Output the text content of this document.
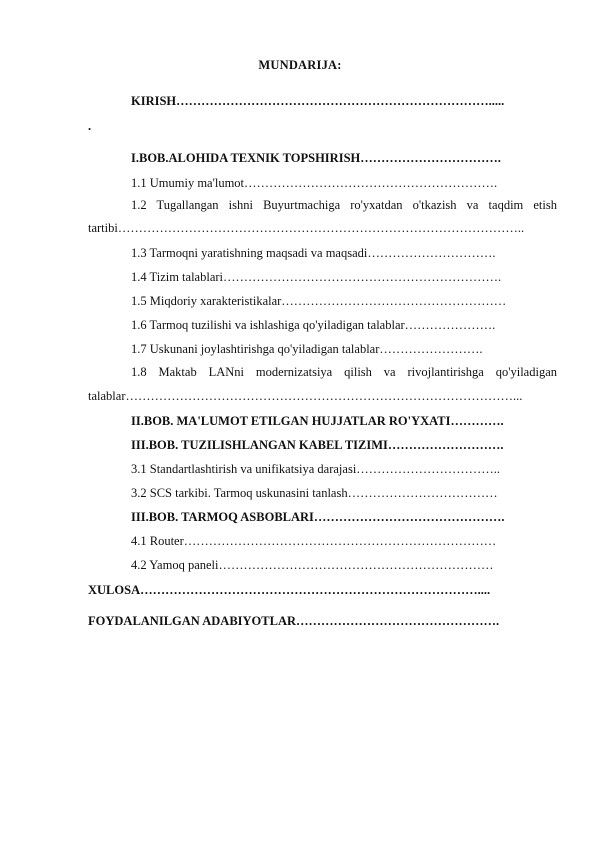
MUNDARIJA:
KIRISH………………………………………………………………….....
.
I.BOB.ALOHIDA TEXNIK TOPSHIRISH…………………………….
1.1 Umumiy ma'lumot…………………………………………………….
1.2 Tugallangan ishni Buyurtmachiga ro'yxatdan o'tkazish va taqdim etish
tartibi……………………………………………………………………………………..
1.3 Tarmoqni yaratishning maqsadi va maqsadi………………………….
1.4 Tizim talablari………………………………………………………….
1.5 Miqdoriy xarakteristikalar………………………………………………
1.6 Tarmoq tuzilishi va ishlashiga qo'yiladigan talablar………………….
1.7 Uskunani joylashtirishga qo'yiladigan talablar…………………….
1.8 Maktab LANni modernizatsiya qilish va rivojlantirishga qo'yiladigan
talablar…………………………………………………………………………………...
II.BOB. MA'LUMOT ETILGAN HUJJATLAR RO'YXATI………….
III.BOB. TUZILISHLANGAN KABEL TIZIMI……………………….
3.1 Standartlashtirish va unifikatsiya darajasi……………………………..
3.2 SCS tarkibi. Tarmoq uskunasini tanlash………………………………
III.BOB. TARMOQ ASBOBLARI……………………………………….
4.1 Router…………………………………………………………………
4.2 Yamoq paneli…………………………………………………………
XULOSA………………………………………………………………………....
FOYDALANILGAN ADABIYOTLAR………………………………………….
